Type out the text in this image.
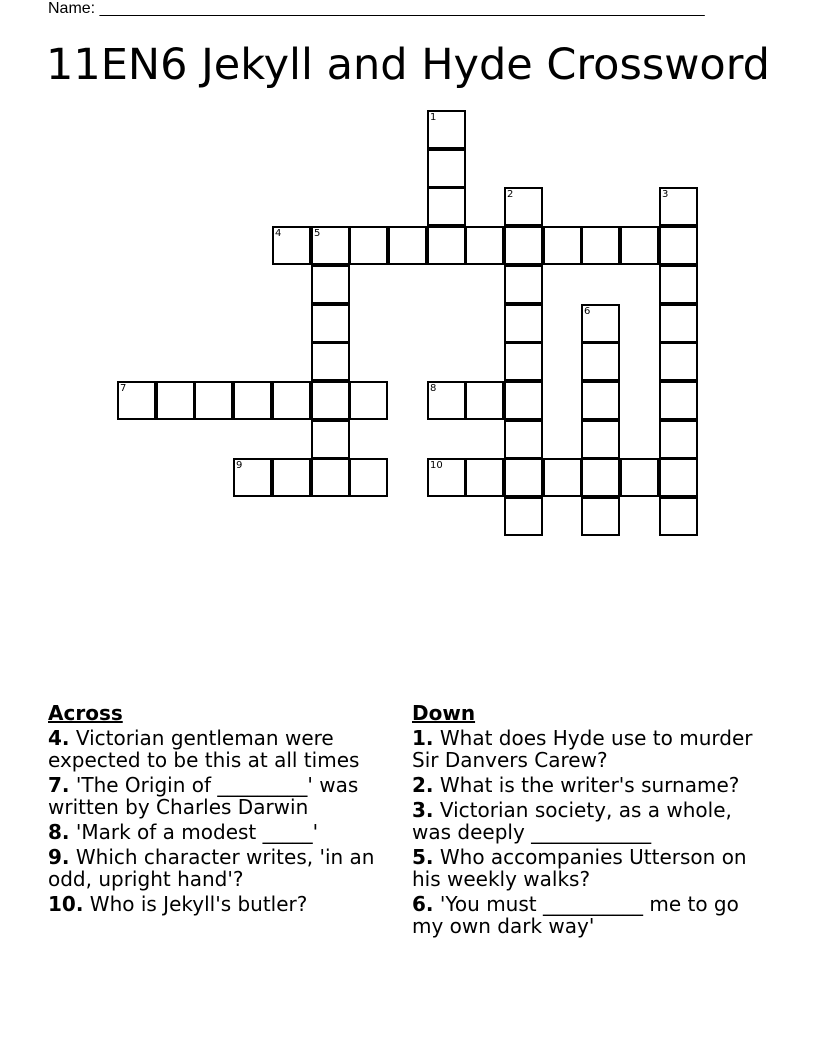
Name: ____________________________________________________________________
11EN6 Jekyll and Hyde Crossword
1
2	3
4	5
6
7	8
9	10
Across
4. Victorian gentleman were expected to be this at all times
7. 'The Origin of _________' was written by Charles Darwin
8. 'Mark of a modest _____'
9. Which character writes, 'in an odd, upright hand'?
10. Who is Jekyll's butler?
Down
1. What does Hyde use to murder Sir Danvers Carew?
2. What is the writer's surname?
3. Victorian society, as a whole, was deeply ____________
5. Who accompanies Utterson on his weekly walks?
6. 'You must __________ me to go my own dark way'
